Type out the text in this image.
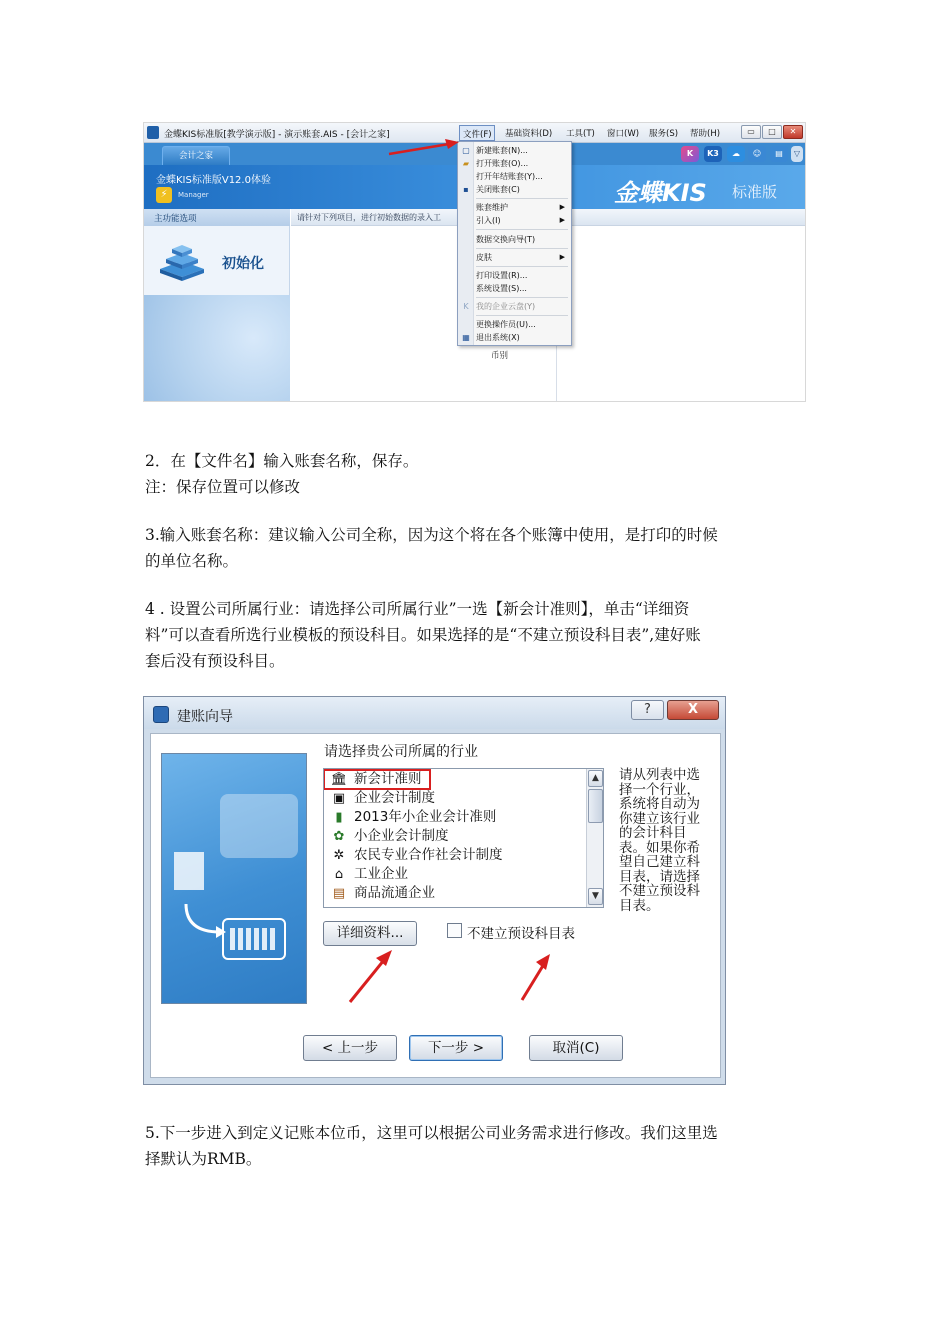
金蝶KIS标准版[教学演示版] - 演示账套.AIS - [会计之家]	文件(F)	基础资料(D) 工具(T) 窗口(W) 服务(S) 帮助(H)	▭	□	✕
会计之家	K	K3	☁	☺	▤	▽
金蝶KIS标准版V12.0体验
⚡	Manager	金蝶KIS 标准版
主功能选项
初始化
请针对下列项目，进行初始数据的录入工
币别
▢ 新建账套(N)...
▰ 打开账套(O)...
打开年结账套(Y)...
▪ 关闭账套(C)
账套维护	▶
引入(I)	▶
数据交换向导(T)
皮肤	▶
打印设置(R)...
系统设置(S)...
K 我的企业云盘(Y)
更换操作员(U)...
▦ 退出系统(X)
2．在【文件名】输入账套名称，保存。
注：保存位置可以修改
3.输入账套名称：建议输入公司全称，因为这个将在各个账簿中使用，是打印的时候
的单位名称。
4 . 设置公司所属行业：请选择公司所属行业”一选【新会计准则】，单击“详细资
料”可以查看所选行业模板的预设科目。如果选择的是“不建立预设科目表”,建好账
套后没有预设科目。
建账向导	?	X
请选择贵公司所属的行业
🏛 新会计准则
▣ 企业会计制度
▮ 2013年小企业会计准则
✿ 小企业会计制度
✲ 农民专业合作社会计制度
⌂ 工业企业
▤ 商品流通企业
▲
▼
请从列表中选择一个行业，系统将自动为你建立该行业的会计科目表。如果你希望自己建立科目表，请选择不建立预设科目表。
详细资料...	不建立预设科目表
< 上一步	下一步 >	取消(C)
5.下一步进入到定义记账本位币，这里可以根据公司业务需求进行修改。我们这里选
择默认为RMB。
